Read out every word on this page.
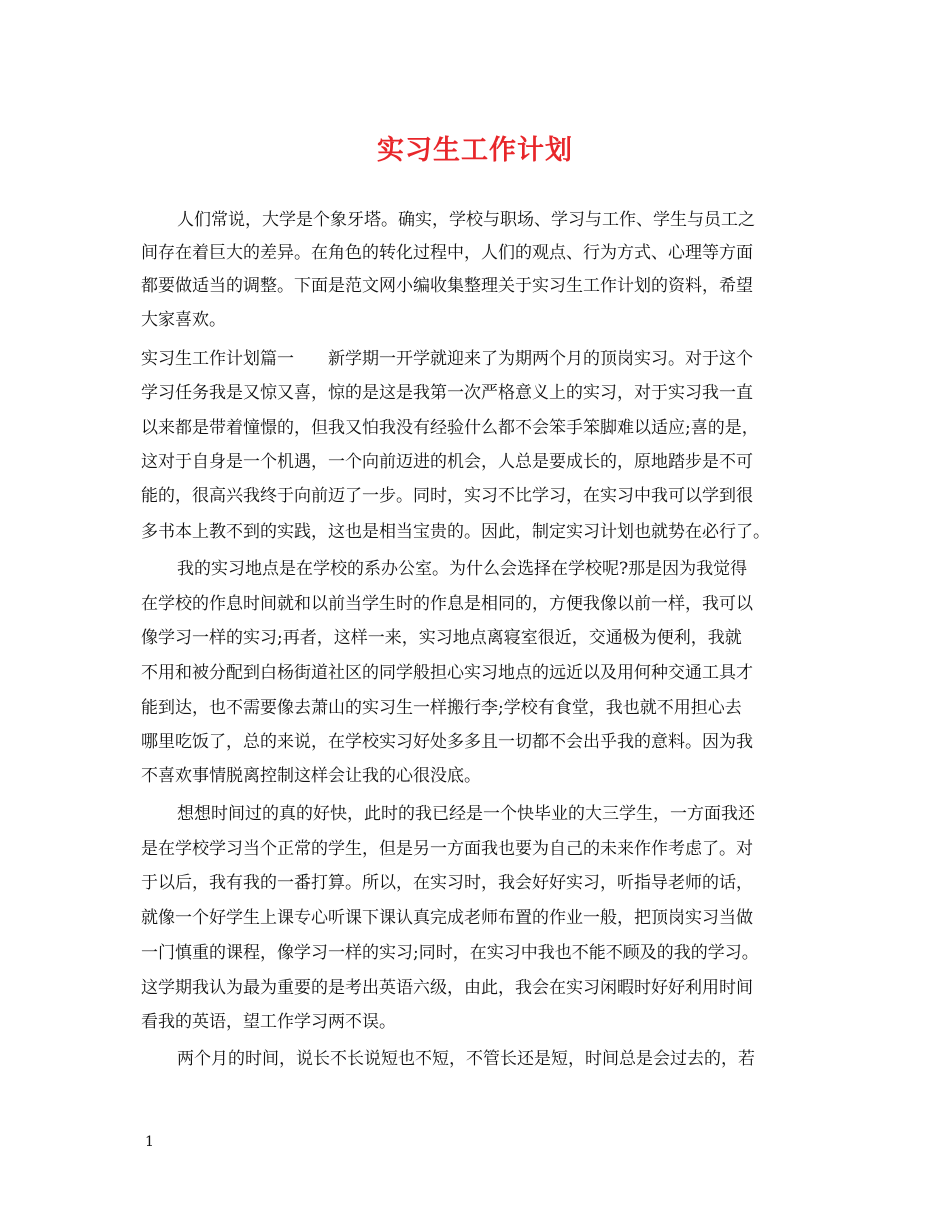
实习生工作计划
人们常说，大学是个象牙塔。确实，学校与职场、学习与工作、学生与员工之
间存在着巨大的差异。在角色的转化过程中，人们的观点、行为方式、心理等方面
都要做适当的调整。下面是范文网小编收集整理关于实习生工作计划的资料，希望
大家喜欢。
实习生工作计划篇一　　新学期一开学就迎来了为期两个月的顶岗实习。对于这个
学习任务我是又惊又喜，惊的是这是我第一次严格意义上的实习，对于实习我一直
以来都是带着憧憬的，但我又怕我没有经验什么都不会笨手笨脚难以适应;喜的是，
这对于自身是一个机遇，一个向前迈进的机会，人总是要成长的，原地踏步是不可
能的，很高兴我终于向前迈了一步。同时，实习不比学习，在实习中我可以学到很
多书本上教不到的实践，这也是相当宝贵的。因此，制定实习计划也就势在必行了。
我的实习地点是在学校的系办公室。为什么会选择在学校呢?那是因为我觉得
在学校的作息时间就和以前当学生时的作息是相同的，方便我像以前一样，我可以
像学习一样的实习;再者，这样一来，实习地点离寝室很近，交通极为便利，我就
不用和被分配到白杨街道社区的同学般担心实习地点的远近以及用何种交通工具才
能到达，也不需要像去萧山的实习生一样搬行李;学校有食堂，我也就不用担心去
哪里吃饭了，总的来说，在学校实习好处多多且一切都不会出乎我的意料。因为我
不喜欢事情脱离控制这样会让我的心很没底。
想想时间过的真的好快，此时的我已经是一个快毕业的大三学生，一方面我还
是在学校学习当个正常的学生，但是另一方面我也要为自己的未来作作考虑了。对
于以后，我有我的一番打算。所以，在实习时，我会好好实习，听指导老师的话，
就像一个好学生上课专心听课下课认真完成老师布置的作业一般，把顶岗实习当做
一门慎重的课程，像学习一样的实习;同时，在实习中我也不能不顾及的我的学习。
这学期我认为最为重要的是考出英语六级，由此，我会在实习闲暇时好好利用时间
看我的英语，望工作学习两不误。
两个月的时间，说长不长说短也不短，不管长还是短，时间总是会过去的，若
1
